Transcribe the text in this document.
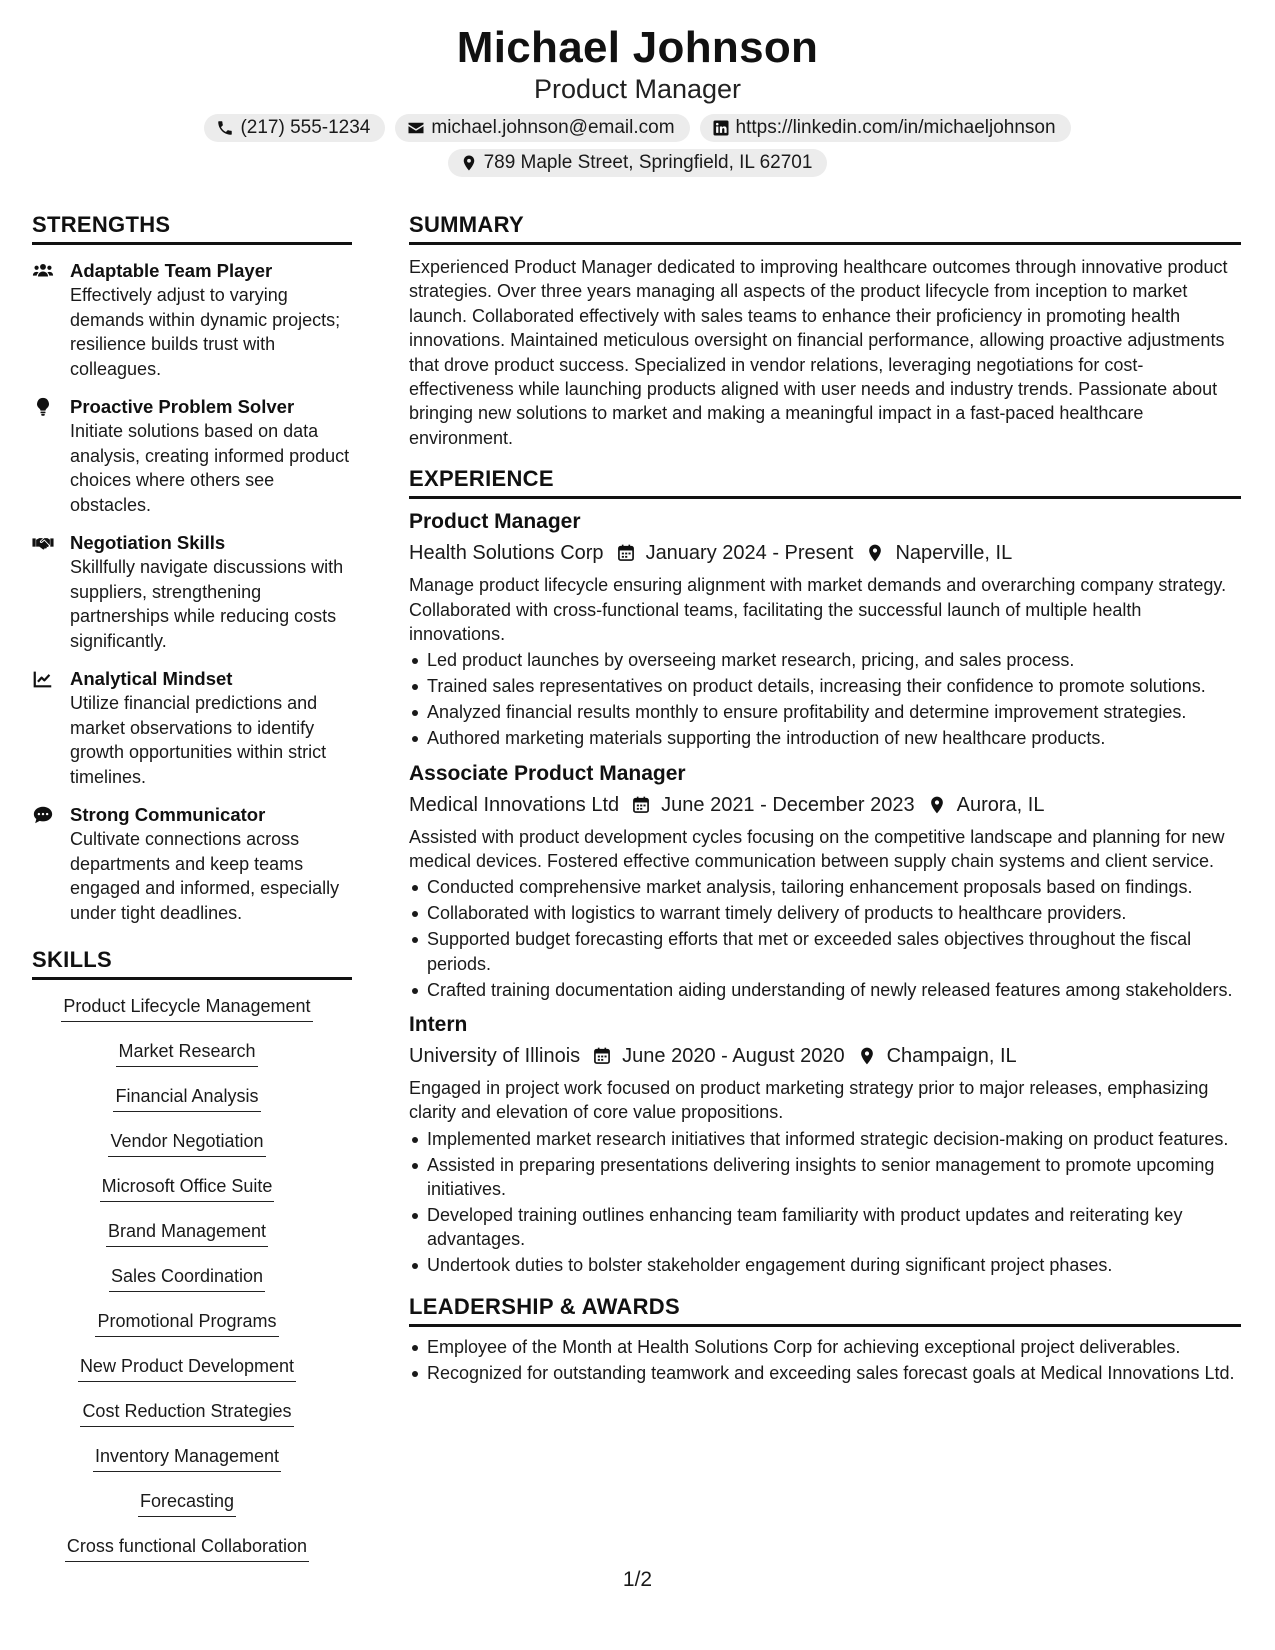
Michael Johnson
Product Manager
(217) 555-1234	michael.johnson@email.com	https://linkedin.com/in/michaeljohnson
789 Maple Street, Springfield, IL 62701
STRENGTHS
Adaptable Team Player
Effectively adjust to varying demands within dynamic projects; resilience builds trust with colleagues.
Proactive Problem Solver
Initiate solutions based on data analysis, creating informed product choices where others see obstacles.
Negotiation Skills
Skillfully navigate discussions with suppliers, strengthening partnerships while reducing costs significantly.
Analytical Mindset
Utilize financial predictions and market observations to identify growth opportunities within strict timelines.
Strong Communicator
Cultivate connections across departments and keep teams engaged and informed, especially under tight deadlines.
SKILLS
Product Lifecycle Management
Market Research
Financial Analysis
Vendor Negotiation
Microsoft Office Suite
Brand Management
Sales Coordination
Promotional Programs
New Product Development
Cost Reduction Strategies
Inventory Management
Forecasting
Cross functional Collaboration
SUMMARY
Experienced Product Manager dedicated to improving healthcare outcomes through innovative product strategies. Over three years managing all aspects of the product lifecycle from inception to market launch. Collaborated effectively with sales teams to enhance their proficiency in promoting health innovations. Maintained meticulous oversight on financial performance, allowing proactive adjustments that drove product success. Specialized in vendor relations, leveraging negotiations for cost-effectiveness while launching products aligned with user needs and industry trends. Passionate about bringing new solutions to market and making a meaningful impact in a fast-paced healthcare environment.
EXPERIENCE
Product Manager
Health Solutions Corp January 2024 - Present Naperville, IL
Manage product lifecycle ensuring alignment with market demands and overarching company strategy. Collaborated with cross-functional teams, facilitating the successful launch of multiple health innovations.
Led product launches by overseeing market research, pricing, and sales process.
Trained sales representatives on product details, increasing their confidence to promote solutions.
Analyzed financial results monthly to ensure profitability and determine improvement strategies.
Authored marketing materials supporting the introduction of new healthcare products.
Associate Product Manager
Medical Innovations Ltd June 2021 - December 2023 Aurora, IL
Assisted with product development cycles focusing on the competitive landscape and planning for new medical devices. Fostered effective communication between supply chain systems and client service.
Conducted comprehensive market analysis, tailoring enhancement proposals based on findings.
Collaborated with logistics to warrant timely delivery of products to healthcare providers.
Supported budget forecasting efforts that met or exceeded sales objectives throughout the fiscal periods.
Crafted training documentation aiding understanding of newly released features among stakeholders.
Intern
University of Illinois June 2020 - August 2020 Champaign, IL
Engaged in project work focused on product marketing strategy prior to major releases, emphasizing clarity and elevation of core value propositions.
Implemented market research initiatives that informed strategic decision-making on product features.
Assisted in preparing presentations delivering insights to senior management to promote upcoming initiatives.
Developed training outlines enhancing team familiarity with product updates and reiterating key advantages.
Undertook duties to bolster stakeholder engagement during significant project phases.
LEADERSHIP & AWARDS
Employee of the Month at Health Solutions Corp for achieving exceptional project deliverables.
Recognized for outstanding teamwork and exceeding sales forecast goals at Medical Innovations Ltd.
1/2
